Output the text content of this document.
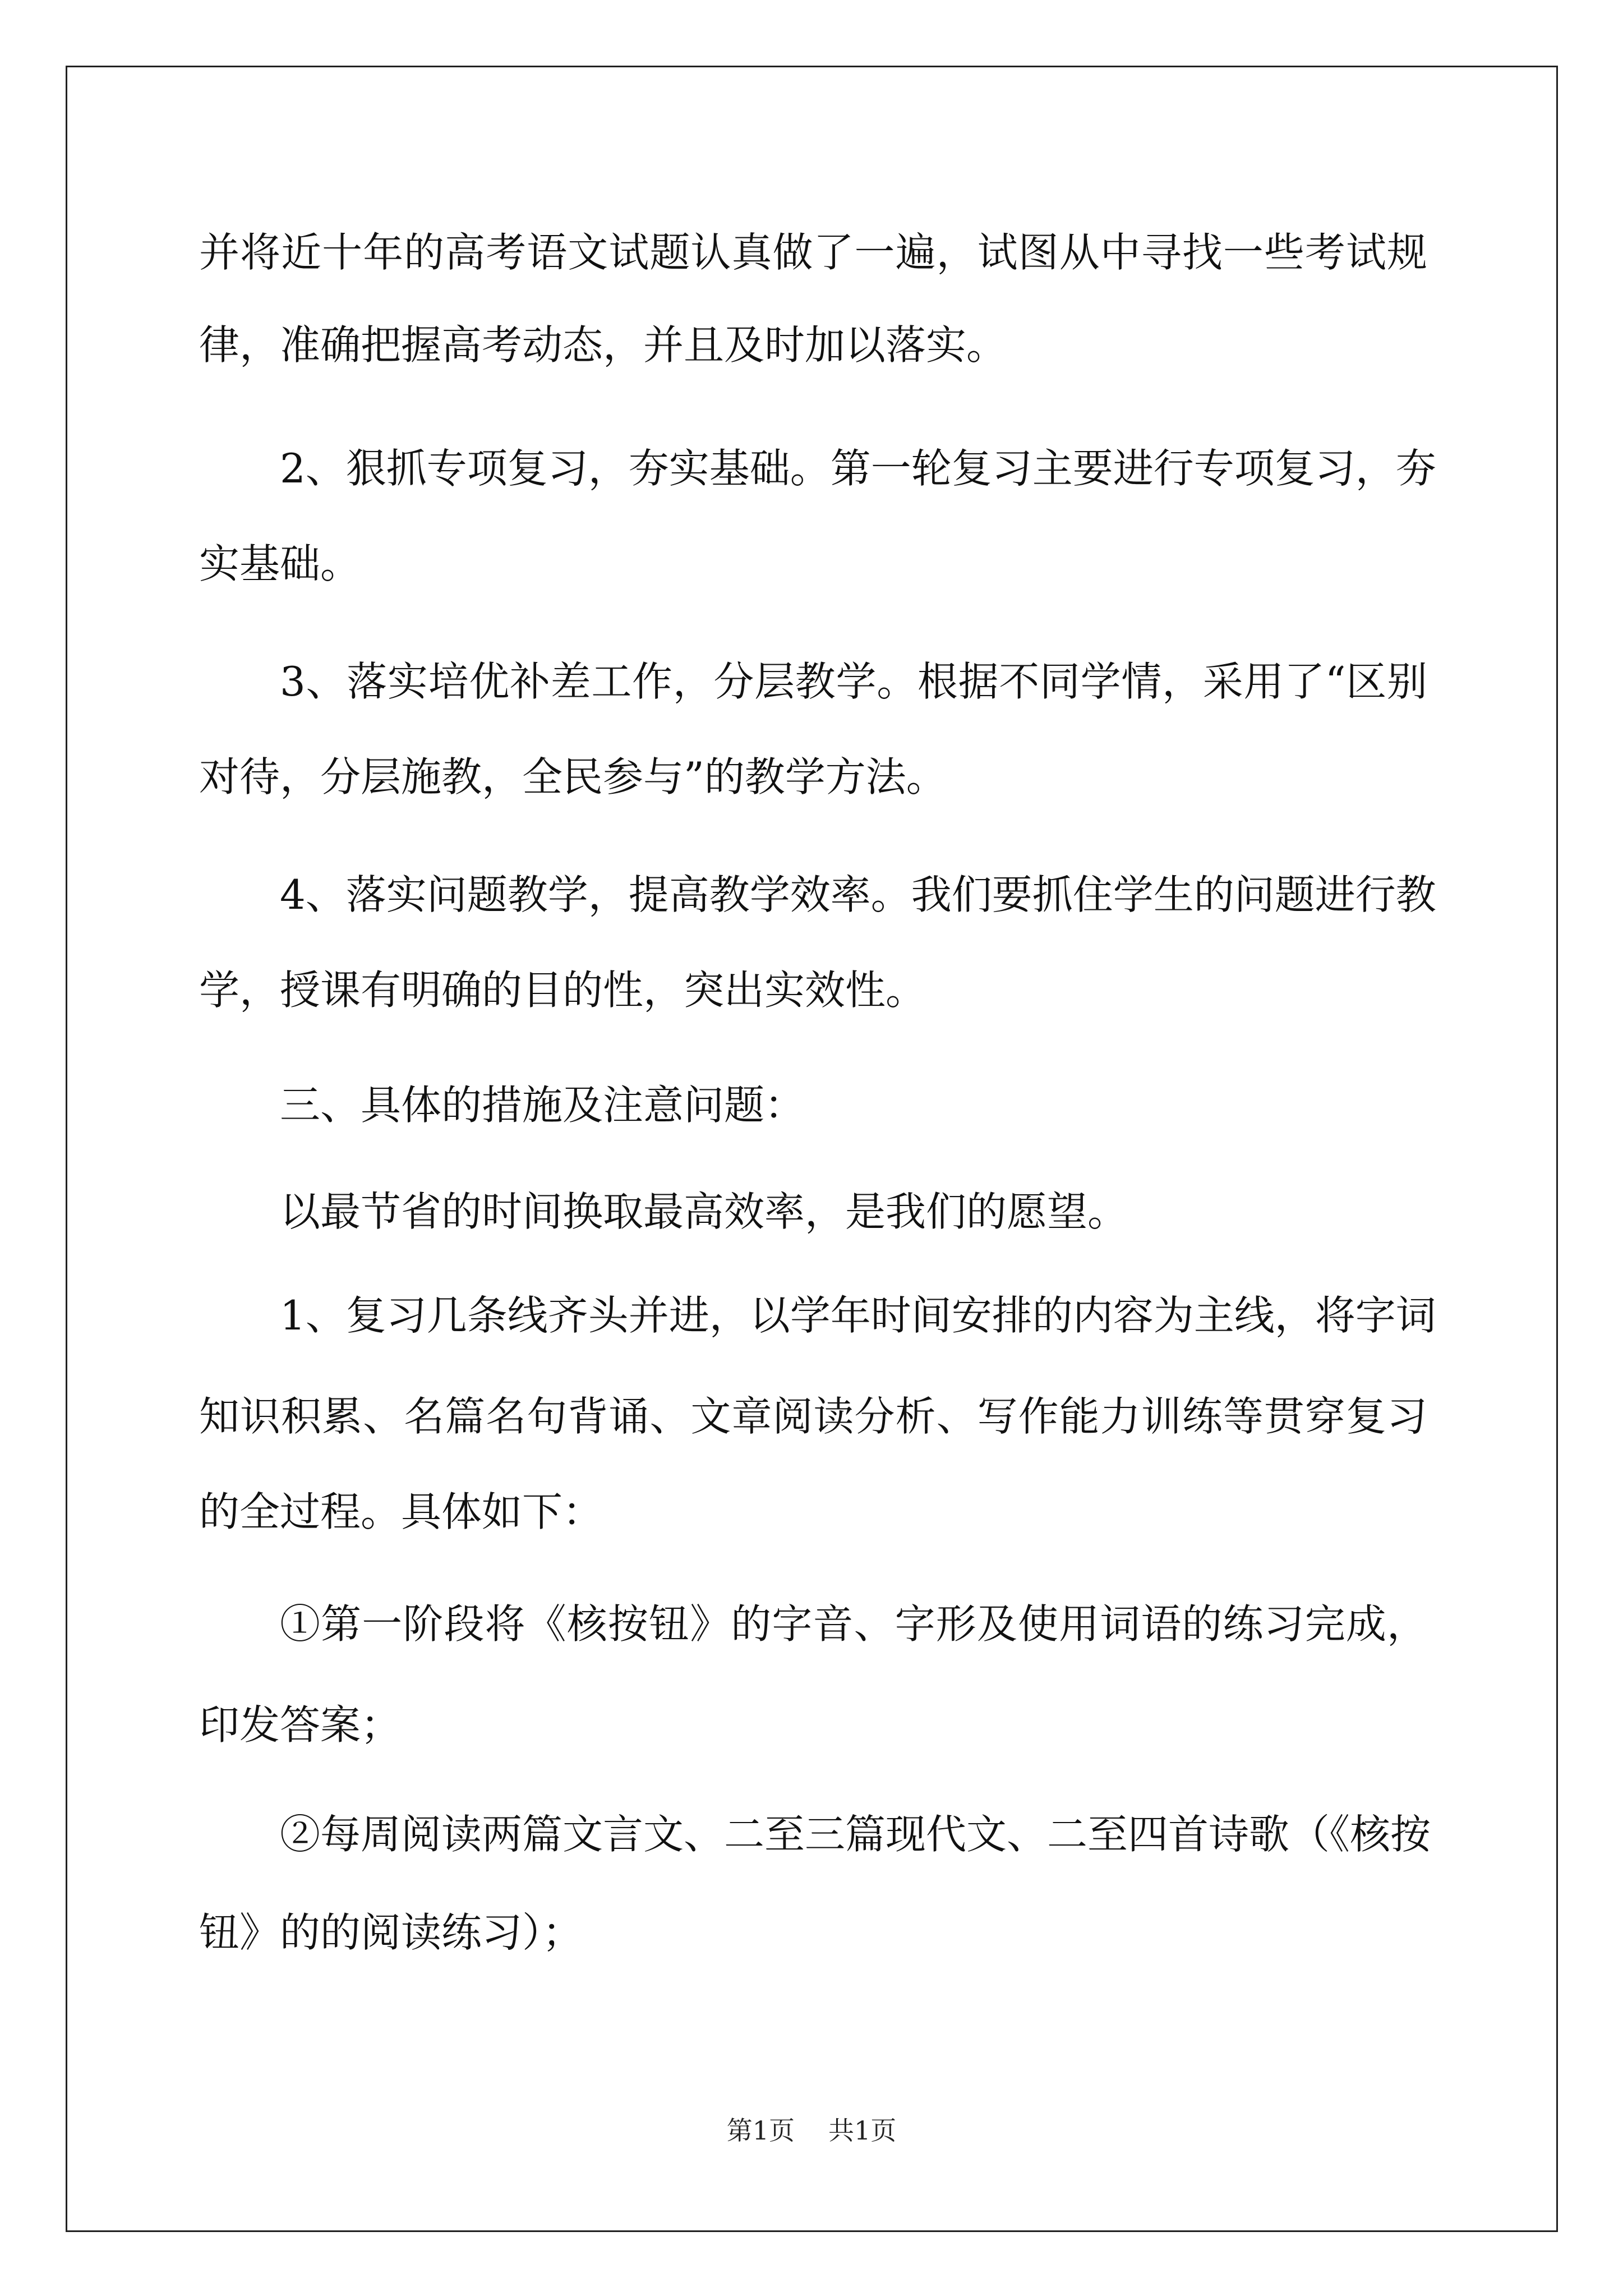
并将近十年的高考语文试题认真做了一遍，试图从中寻找一些考试规
律，准确把握高考动态，并且及时加以落实。
2、狠抓专项复习，夯实基础。第一轮复习主要进行专项复习，夯
实基础。
3、落实培优补差工作，分层教学。根据不同学情，采用了“区别
对待，分层施教，全民参与”的教学方法。
4、落实问题教学，提高教学效率。我们要抓住学生的问题进行教
学，授课有明确的目的性，突出实效性。
三、具体的措施及注意问题：
以最节省的时间换取最高效率，是我们的愿望。
1、复习几条线齐头并进，以学年时间安排的内容为主线，将字词
知识积累、名篇名句背诵、文章阅读分析、写作能力训练等贯穿复习
的全过程。具体如下：
①第一阶段将《核按钮》的字音、字形及使用词语的练习完成，
印发答案；
②每周阅读两篇文言文、二至三篇现代文、二至四首诗歌（《核按
钮》的的阅读练习）；
第1页 共1页
